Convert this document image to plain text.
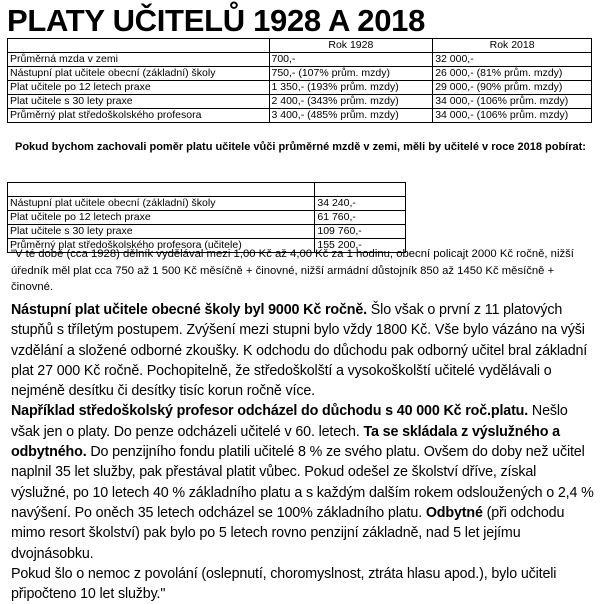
PLATY UČITELŮ 1928 A 2018
	Rok 1928	Rok 2018
Průměrná mzda v zemi	700,-	32 000,-
Nástupní plat učitele obecní (základní) školy	750,- (107% prům. mzdy)	26 000,- (81% prům. mzdy)
Plat učitele po 12 letech praxe	1 350,- (193% prům. mzdy)	29 000,- (90% prům. mzdy)
Plat učitele s 30 lety praxe	2 400,- (343% prům. mzdy)	34 000,- (106% prům. mzdy)
Průměrný plat středoškolského profesora	3 400,- (485% prům. mzdy)	34 000,- (106% prům. mzdy)
Pokud bychom zachovali poměr platu učitele vůči průměrné mzdě v zemi, měli by učitelé v roce 2018 pobírat:

Nástupní plat učitele obecní (základní) školy	34 240,-
Plat učitele po 12 letech praxe	61 760,-
Plat učitele s 30 lety praxe	109 760,-
Průměrný plat středoškolského profesora (učitele)	155 200,-
"V té době (cca 1928) dělník vydělával mezi 1,00 Kč až 4,00 Kč za 1 hodinu, obecní policajt 2000 Kč ročně, nižší úředník měl plat cca 750 až 1 500 Kč měsíčně + činovné, nižší armádní důstojník 850 až 1450 Kč měsíčně + činovné.
Nástupní plat učitele obecné školy byl 9000 Kč ročně. Šlo však o první z 11 platových stupňů s tříletým postupem. Zvýšení mezi stupni bylo vždy 1800 Kč. Vše bylo vázáno na výši vzdělání a složené odborné zkoušky. K odchodu do důchodu pak odborný učitel bral základní plat 27 000 Kč ročně. Pochopitelně, že středoškolští a vysokoškolští učitelé vydělávali o nejméně desítku či desítky tisíc korun ročně více.
Například středoškolský profesor odcházel do důchodu s 40 000 Kč roč.platu. Nešlo však jen o platy. Do penze odcházeli učitelé v 60. letech. Ta se skládala z výslužného a odbytného. Do penzijního fondu platili učitelé 8 % ze svého platu. Ovšem do doby než učitel naplnil 35 let služby, pak přestával platit vůbec. Pokud odešel ze školství dříve, získal výslužné, po 10 letech 40 % základního platu a s každým dalším rokem odsloužených o 2,4 % navýšení. Po oněch 35 letech odcházel se 100% základního platu. Odbytné (při odchodu mimo resort školství) pak bylo po 5 letech rovno penzijní základně, nad 5 let jejímu dvojnásobku.
Pokud šlo o nemoc z povolání (oslepnutí, choromyslnost, ztráta hlasu apod.), bylo učiteli připočteno 10 let služby."
